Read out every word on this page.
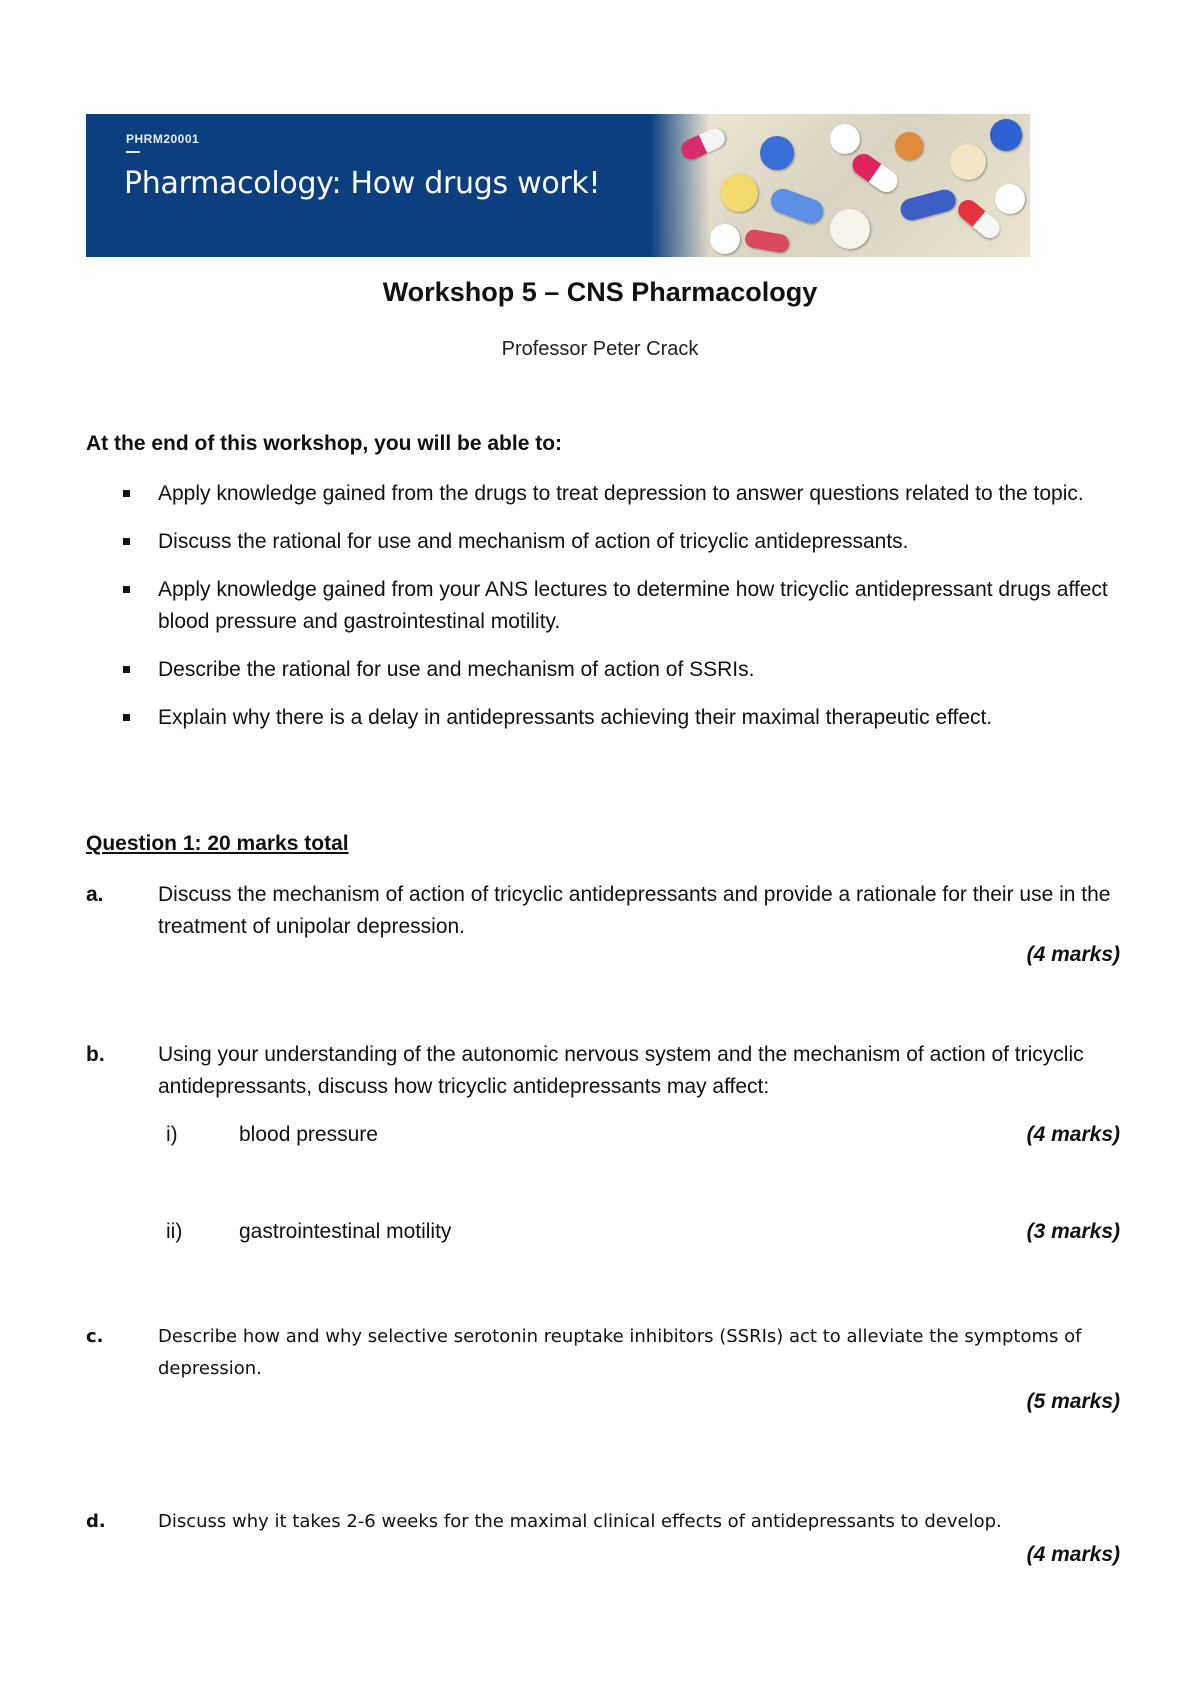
PHRM20001
Pharmacology: How drugs work!
Workshop 5 – CNS Pharmacology
Professor Peter Crack
At the end of this workshop, you will be able to:
Apply knowledge gained from the drugs to treat depression to answer questions related to the topic.
Discuss the rational for use and mechanism of action of tricyclic antidepressants.
Apply knowledge gained from your ANS lectures to determine how tricyclic antidepressant drugs affect blood pressure and gastrointestinal motility.
Describe the rational for use and mechanism of action of SSRIs.
Explain why there is a delay in antidepressants achieving their maximal therapeutic effect.
Question 1: 20 marks total
a.	Discuss the mechanism of action of tricyclic antidepressants and provide a rationale for their use in the treatment of unipolar depression.
(4 marks)
b.	Using your understanding of the autonomic nervous system and the mechanism of action of tricyclic antidepressants, discuss how tricyclic antidepressants may affect:
i)	blood pressure	(4 marks)
ii)	gastrointestinal motility	(3 marks)
c.	Describe how and why selective serotonin reuptake inhibitors (SSRIs) act to alleviate the symptoms of depression.
(5 marks)
d.	Discuss why it takes 2-6 weeks for the maximal clinical effects of antidepressants to develop.
(4 marks)
